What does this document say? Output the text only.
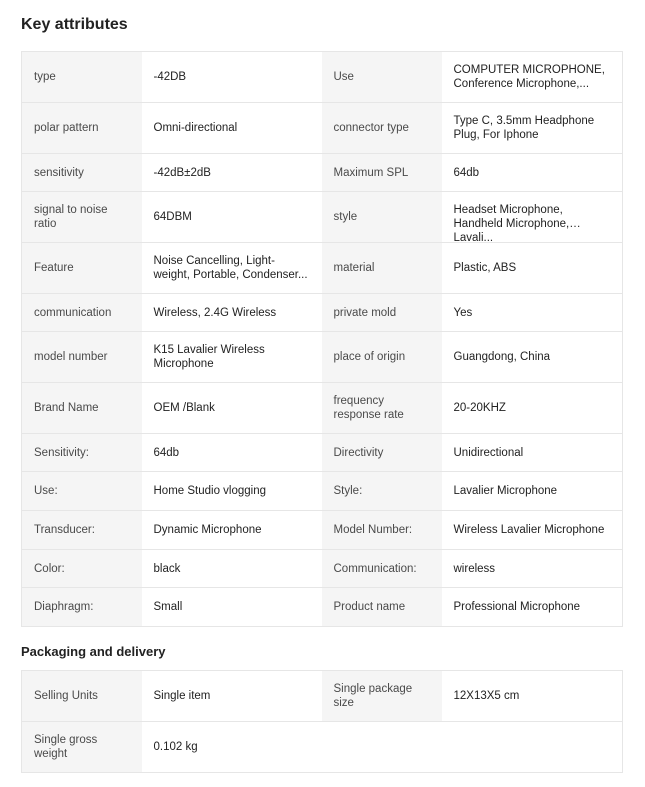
Key attributes
type	-42DB	Use	COMPUTER MICROPHONE, Conference Microphone,...

polar pattern	Omni-directional	connector type	Type C, 3.5mm Headphone Plug, For Iphone

sensitivity	-42dB±2dB	Maximum SPL	64db

signal to noise ratio	64DBM	style	Headset Microphone, Handheld Microphone, Lavali...

Feature	Noise Cancelling, Light-weight, Portable, Condenser...	material	Plastic, ABS

communication	Wireless, 2.4G Wireless	private mold	Yes

model number	K15 Lavalier Wireless Microphone	place of origin	Guangdong, China

Brand Name	OEM /Blank	frequency response rate	20-20KHZ

Sensitivity:	64db	Directivity	Unidirectional

Use:	Home Studio vlogging	Style:	Lavalier Microphone

Transducer:	Dynamic Microphone	Model Number:	Wireless Lavalier Microphone

Color:	black	Communication:	wireless

Diaphragm:	Small	Product name	Professional Microphone
Packaging and delivery
Selling Units	Single item	Single package size	12X13X5 cm

Single gross weight	0.102 kg		
